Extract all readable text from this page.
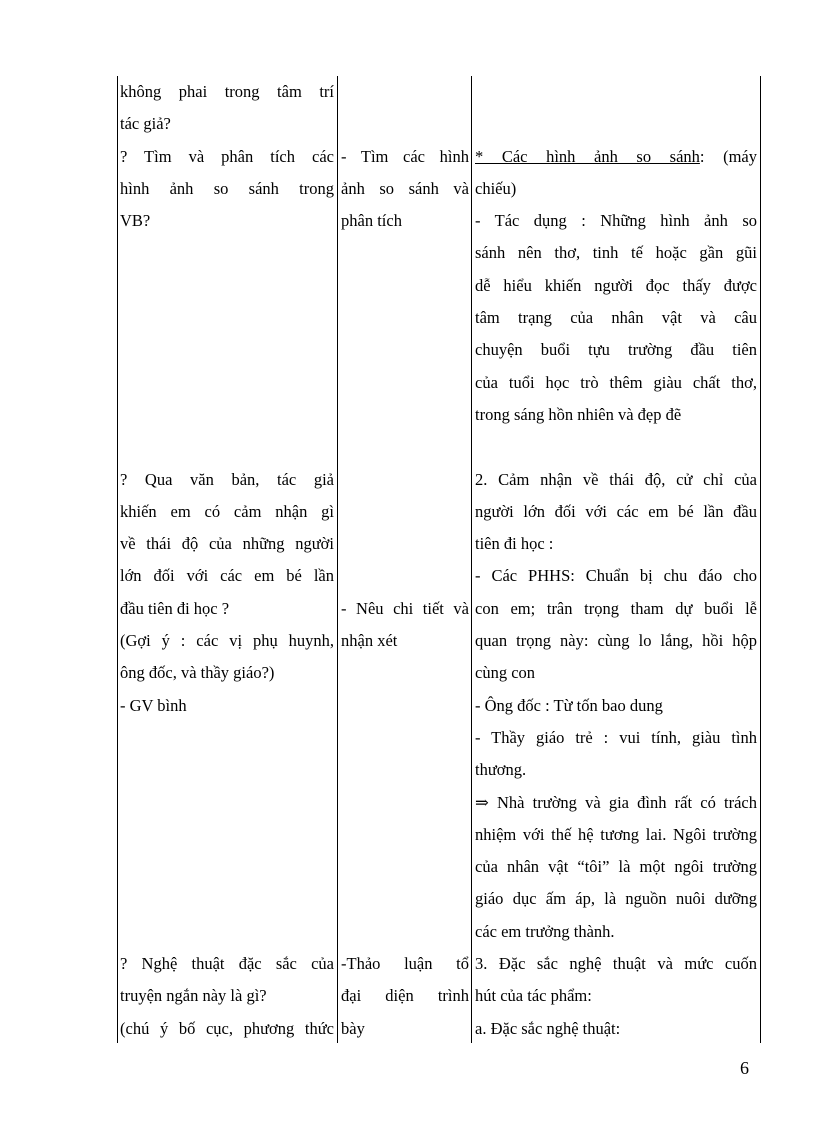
không phai trong tâm trí
tác giả?
? Tìm và phân tích các
hình ảnh so sánh trong
VB?
? Qua văn bản, tác giả
khiến em có cảm nhận gì
về thái độ của những người
lớn đối với các em bé lần
đầu tiên đi học ?
(Gợi ý : các vị phụ huynh,
ông đốc, và thầy giáo?)
- GV bình
? Nghệ thuật đặc sắc của
truyện ngắn này là gì?
(chú ý bố cục, phương thức
- Tìm các hình
ảnh so sánh và
phân tích
- Nêu chi tiết và
nhận xét
-Thảo luận tổ
đại diện trình
bày
* Các hình ảnh so sánh: (máy
chiếu)
- Tác dụng : Những hình ảnh so
sánh nên thơ, tinh tế hoặc gần gũi
dễ hiểu khiến người đọc thấy được
tâm trạng của nhân vật và câu
chuyện buổi tựu trường đầu tiên
của tuổi học trò thêm giàu chất thơ,
trong sáng hồn nhiên và đẹp đẽ
2. Cảm nhận về thái độ, cử chỉ của
người lớn đối với các em bé lần đầu
tiên đi học :
- Các PHHS: Chuẩn bị chu đáo cho
con em; trân trọng tham dự buổi lễ
quan trọng này: cùng lo lắng, hồi hộp
cùng con
- Ông đốc : Từ tốn bao dung
- Thầy giáo trẻ : vui tính, giàu tình
thương.
⇒ Nhà trường và gia đình rất có trách
nhiệm với thế hệ tương lai. Ngôi trường
của nhân vật “tôi” là một ngôi trường
giáo dục ấm áp, là nguồn nuôi dưỡng
các em trưởng thành.
3. Đặc sắc nghệ thuật và mức cuốn
hút của tác phẩm:
a. Đặc sắc nghệ thuật:
6
